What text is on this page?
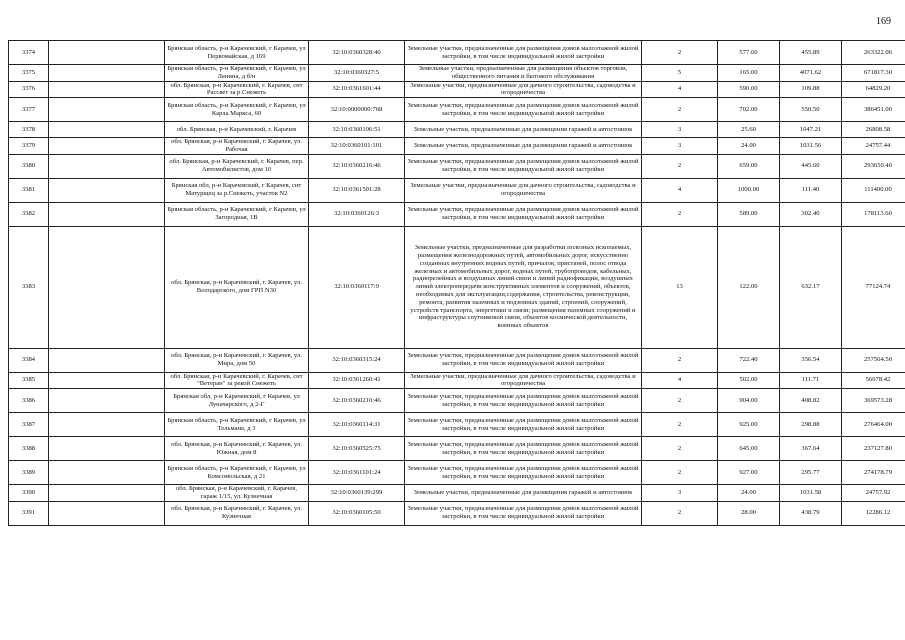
169
3374		Брянская область, р-н Карачевский, г Карачев, ул Первомайская, д 169	32:10:0360328:40	Земельные участки, предназначенные для размещения домов малоэтажной жилой застройки, в том числе индивидуальной жилой застройки	2	577.60	455.89	263322.06
3375		Брянская область, р-н Карачевский, г Карачев, ул Ленина, д б/н	32:10:0360327:5	Земельные участки, предназначенные для размещения объектов торговли, общественного питания и бытового обслуживания	5	165.00	4071.62	671817.30
3376		обл. Брянская, р-н Карачевский, г. Карачев, снт Рассвет за р.Снежеть	32:10:0361601:44	Земельные участки, предназначенные для дачного строительства, садоводства и огородничества	4	590.00	109.88	64829.20
3377		Брянская область, р-н Карачевский, г Карачев, ул Карла Маркса, 60	32:10:0000000:768	Земельные участки, предназначенные для размещения домов малоэтажной жилой застройки, в том числе индивидуальной жилой застройки	2	702.00	550.50	386451.00
3378		обл. Брянская, р-н Карачевский, г. Карачев	32:10:0360106:51	Земельные участки, предназначенные для размещения гаражей и автостоянок	3	25.60	1047.21	26808.58
3379		обл. Брянская, р-н Карачевский, г. Карачев, ул. Рабочая	32:10:0360101:101	Земельные участки, предназначенные для размещения гаражей и автостоянок	3	24.00	1031.56	24757.44
3380		обл. Брянская, р-н Карачевский, г. Карачев, пер. Автомобилистов, дом 10	32:10:0360216:46	Земельные участки, предназначенные для размещения домов малоэтажной жилой застройки, в том числе индивидуальной жилой застройки	2	659.00	445.60	293650.40
3381		Брянская обл, р-н Карачевский, г Карачев, снт Матурщец за р.Снежеть, участок N2	32:10:0361501:28	Земельные участки, предназначенные для дачного строительства, садоводства и огородничества	4	1000.00	111.40	111400.00
3382		Брянская область, р-н Карачевский, г Карачев, ул Загородная, 1В	32:10:0360126:3	Земельные участки, предназначенные для размещения домов малоэтажной жилой застройки, в том числе индивидуальной жилой застройки	2	589.00	302.40	178113.60
3383		обл. Брянская, р-н Карачевский, г. Карачев, ул. Володарского, дом ГРП N30	32:10:0360117:9	Земельные участки, предназначенные для разработки полезных ископаемых, размещения железнодорожных путей, автомобильных дорог, искусственно созданных внутренних водных путей, причалов, пристаней, полос отвода железных и автомобильных дорог, водных путей, трубопроводов, кабельных, радиорелейных и воздушных линий связи и линий радиофикации, воздушных линий электропередачи конструктивных элементов и сооружений, объектов, необходимых для эксплуатации,содержания, строительства, реконструкции, ремонта, развития наземных и подземных зданий, строений, сооружений, устройств транспорта, энергетики и связи; размещения наземных сооружений и инфраструктуры спутниковой связи, объектов космической деятельности, военных объектов	13	122.00	632.17	77124.74
3384		обл. Брянская, р-н Карачевский, г. Карачев, ул. Мира, дом 50	32:10:0360315:24	Земельные участки, предназначенные для размещения домов малоэтажной жилой застройки, в том числе индивидуальной жилой застройки	2	722.40	356.54	257564.50
3385		обл. Брянская, р-н Карачевский, г. Карачев, снт "Ветеран" за рекой Снежеть	32:10:0361260:41	Земельные участки, предназначенные для дачного строительства, садоводства и огородничества	4	502.00	111.71	56078.42
3386		Брянская обл, р-н Карачевский, г Карачев, ул Луначарского, д 2-Г	32:10:0360210:46	Земельные участки, предназначенные для размещения домов малоэтажной жилой застройки, в том числе индивидуальной жилой застройки	2	904.00	408.82	369573.28
3387		Брянская область, р-н Карачевский, г Карачев, ул Тельмана, д 3	32:10:0360114:31	Земельные участки, предназначенные для размещения домов малоэтажной жилой застройки, в том числе индивидуальной жилой застройки	2	925.00	298.88	276464.00
3388		обл. Брянская, р-н Карачевский, г. Карачев, ул. Южная, дом 8	32:10:0360525:75	Земельные участки, предназначенные для размещения домов малоэтажной жилой застройки, в том числе индивидуальной жилой застройки	2	645.00	367.64	237127.80
3389		Брянская область, р-н Карачевский, г Карачев, ул Комсомольская, д 21	32:10:0361101:24	Земельные участки, предназначенные для размещения домов малоэтажной жилой застройки, в том числе индивидуальной жилой застройки	2	927.00	295.77	274178.79
3390		обл. Брянская, р-н Карачевский, г. Карачев, гараж 1/15, ул. Кузнечная	32:10:0360139:299	Земельные участки, предназначенные для размещения гаражей и автостоянок	3	24.00	1031.58	24757.92
3391		обл. Брянская, р-н Карачевский, г. Карачев, ул. Кузнечная	32:10:0360105:50	Земельные участки, предназначенные для размещения домов малоэтажной жилой застройки, в том числе индивидуальной жилой застройки	2	28.00	438.79	12286.12
